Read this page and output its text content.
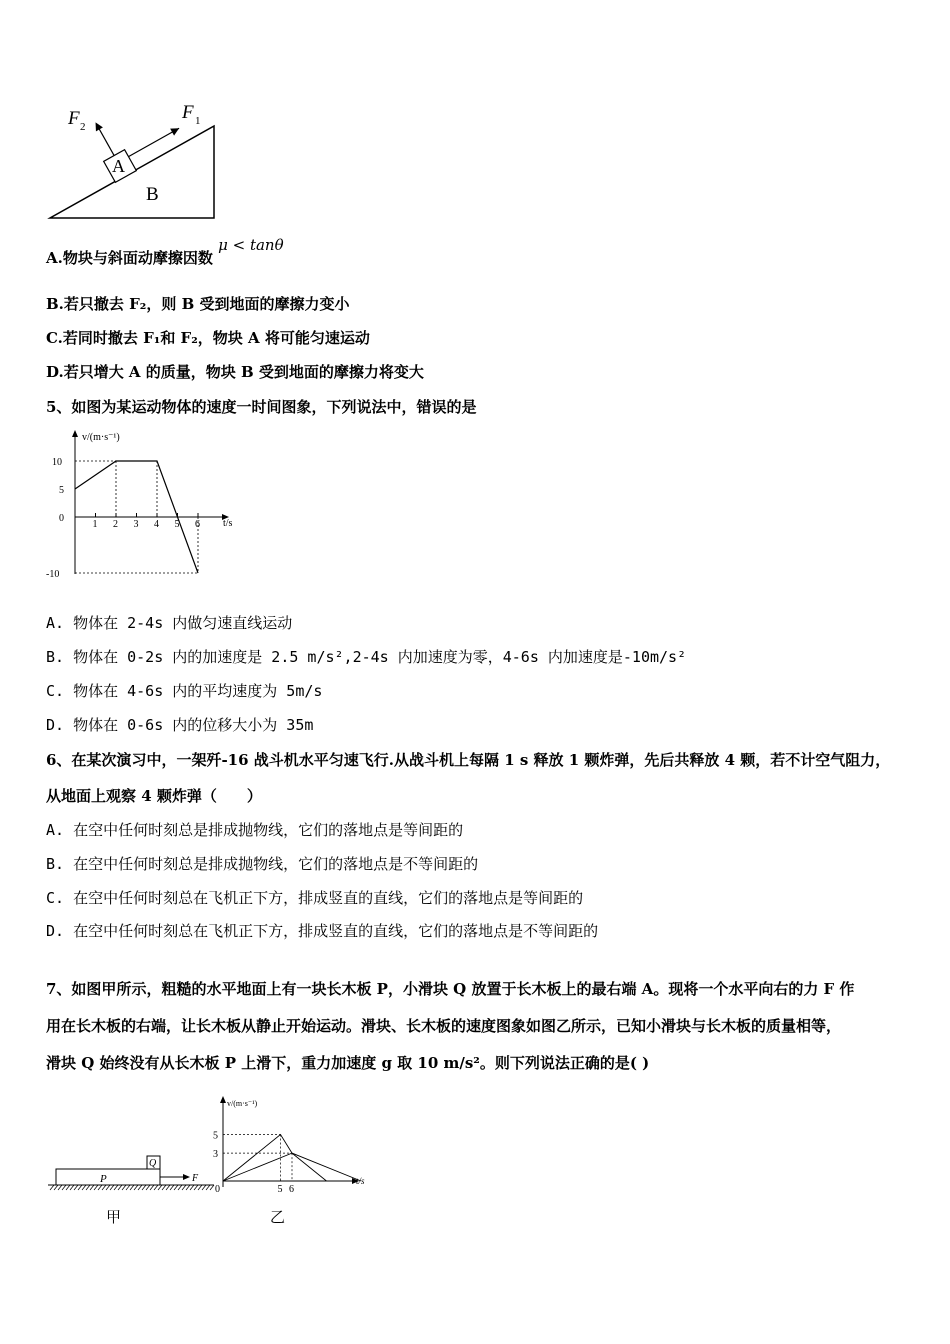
A
B
F 2
F 1
A.物块与斜面动摩擦因数 μ < tanθ
B.若只撤去 F₂，则 B 受到地面的摩擦力变小
C.若同时撤去 F₁和 F₂，物块 A 将可能匀速运动
D.若只增大 A 的质量，物块 B 受到地面的摩擦力将变大
5、如图为某运动物体的速度一时间图象，下列说法中，错误的是
v/(m·s⁻¹)
t/s
1 2 3 4 5 6
10
5
0
-10
A. 物体在 2-4s 内做匀速直线运动
B. 物体在 0-2s 内的加速度是 2.5 m/s²,2-4s 内加速度为零，4-6s 内加速度是-10m/s²
C. 物体在 4-6s 内的平均速度为 5m/s
D. 物体在 0-6s 内的位移大小为 35m
6、在某次演习中，一架歼-16 战斗机水平匀速飞行.从战斗机上每隔 1 s 释放 1 颗炸弹，先后共释放 4 颗，若不计空气阻力，
从地面上观察 4 颗炸弹（　　）
A. 在空中任何时刻总是排成抛物线，它们的落地点是等间距的
B. 在空中任何时刻总是排成抛物线，它们的落地点是不等间距的
C. 在空中任何时刻总在飞机正下方，排成竖直的直线，它们的落地点是等间距的
D. 在空中任何时刻总在飞机正下方，排成竖直的直线，它们的落地点是不等间距的
7、如图甲所示，粗糙的水平地面上有一块长木板 P，小滑块 Q 放置于长木板上的最右端 A。现将一个水平向右的力 F 作
用在长木板的右端，让长木板从静止开始运动。滑块、长木板的速度图象如图乙所示，已知小滑块与长木板的质量相等，
滑块 Q 始终没有从长木板 P 上滑下，重力加速度 g 取 10 m/s²。则下列说法正确的是( )
P
Q
F
甲
v/(m·s⁻¹)
t/s
0	5 6
5
3
乙
